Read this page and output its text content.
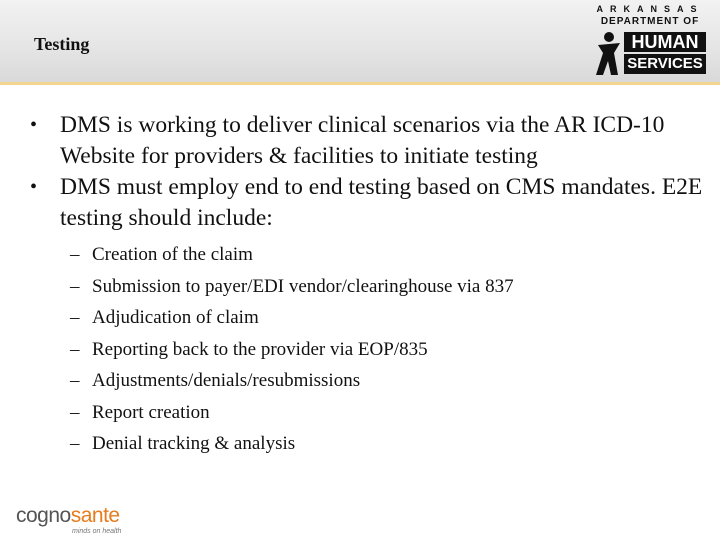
Testing
ARKANSAS
DEPARTMENT OF
HUMAN
SERVICES

• DMS is working to deliver clinical scenarios via the AR ICD-10 Website for providers & facilities to initiate testing

• DMS must employ end to end testing based on CMS mandates. E2E testing should include:

– Creation of the claim

– Submission to payer/EDI vendor/clearinghouse via 837

– Adjudication of claim

– Reporting back to the provider via EOP/835

– Adjustments/denials/resubmissions

– Report creation

– Denial tracking & analysis

cognosante
minds on health
